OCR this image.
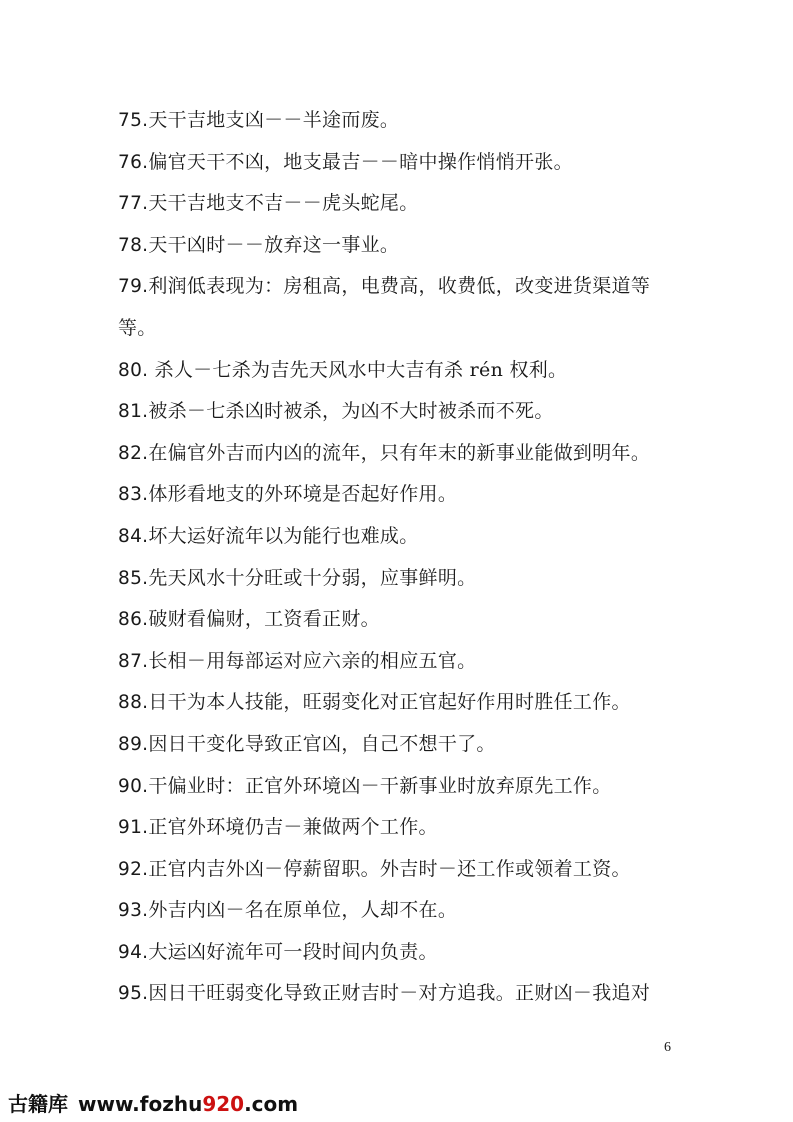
75.天干吉地支凶－－半途而废。
76.偏官天干不凶，地支最吉－－暗中操作悄悄开张。
77.天干吉地支不吉－－虎头蛇尾。
78.天干凶时－－放弃这一事业。
79.利润低表现为：房租高，电费高，收费低，改变进货渠道等
等。
80. 杀人－七杀为吉先天风水中大吉有杀 rén 权利。
81.被杀－七杀凶时被杀，为凶不大时被杀而不死。
82.在偏官外吉而内凶的流年，只有年末的新事业能做到明年。
83.体形看地支的外环境是否起好作用。
84.坏大运好流年以为能行也难成。
85.先天风水十分旺或十分弱，应事鲜明。
86.破财看偏财，工资看正财。
87.长相－用每部运对应六亲的相应五官。
88.日干为本人技能，旺弱变化对正官起好作用时胜任工作。
89.因日干变化导致正官凶，自己不想干了。
90.干偏业时：正官外环境凶－干新事业时放弃原先工作。
91.正官外环境仍吉－兼做两个工作。
92.正官内吉外凶－停薪留职。外吉时－还工作或领着工资。
93.外吉内凶－名在原单位，人却不在。
94.大运凶好流年可一段时间内负责。
95.因日干旺弱变化导致正财吉时－对方追我。正财凶－我追对
6
古籍库 www.fozhu920.com
